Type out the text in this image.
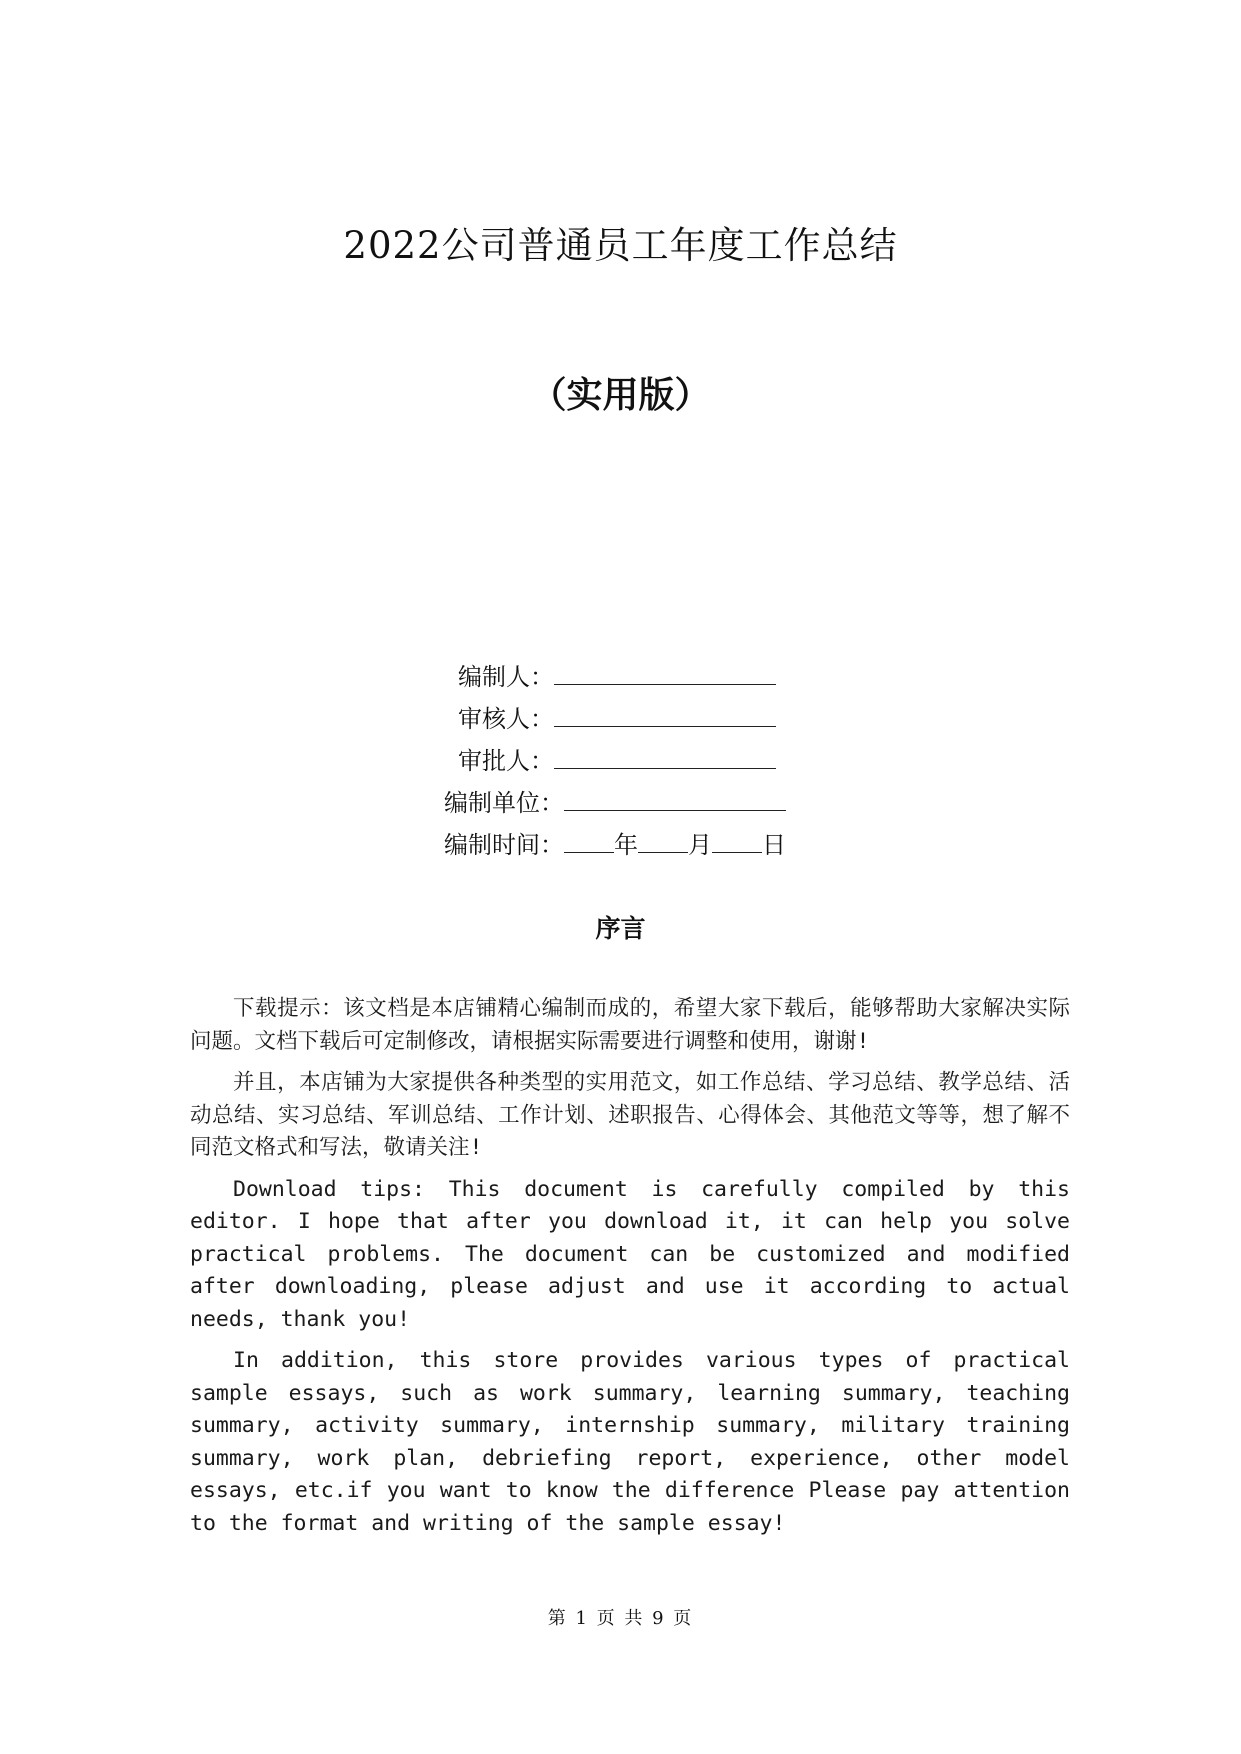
2022公司普通员工年度工作总结
（实用版）
编制人：
审核人：
审批人：
编制单位：
编制时间： 年 月 日
序言

下载提示：该文档是本店铺精心编制而成的，希望大家下载后，能够帮助大家解决实际问题。文档下载后可定制修改，请根据实际需要进行调整和使用，谢谢!

并且，本店铺为大家提供各种类型的实用范文，如工作总结、学习总结、教学总结、活动总结、实习总结、军训总结、工作计划、述职报告、心得体会、其他范文等等，想了解不同范文格式和写法，敬请关注!

Download tips: This document is carefully compiled by this editor. I hope that after you download it, it can help you solve practical problems. The document can be customized and modified after downloading, please adjust and use it according to actual needs, thank you!

In addition, this store provides various types of practical sample essays, such as work summary, learning summary, teaching summary, activity summary, internship summary, military training summary, work plan, debriefing report, experience, other model essays, etc.if you want to know the difference Please pay attention to the format and writing of the sample essay!

第 1 页 共 9 页
